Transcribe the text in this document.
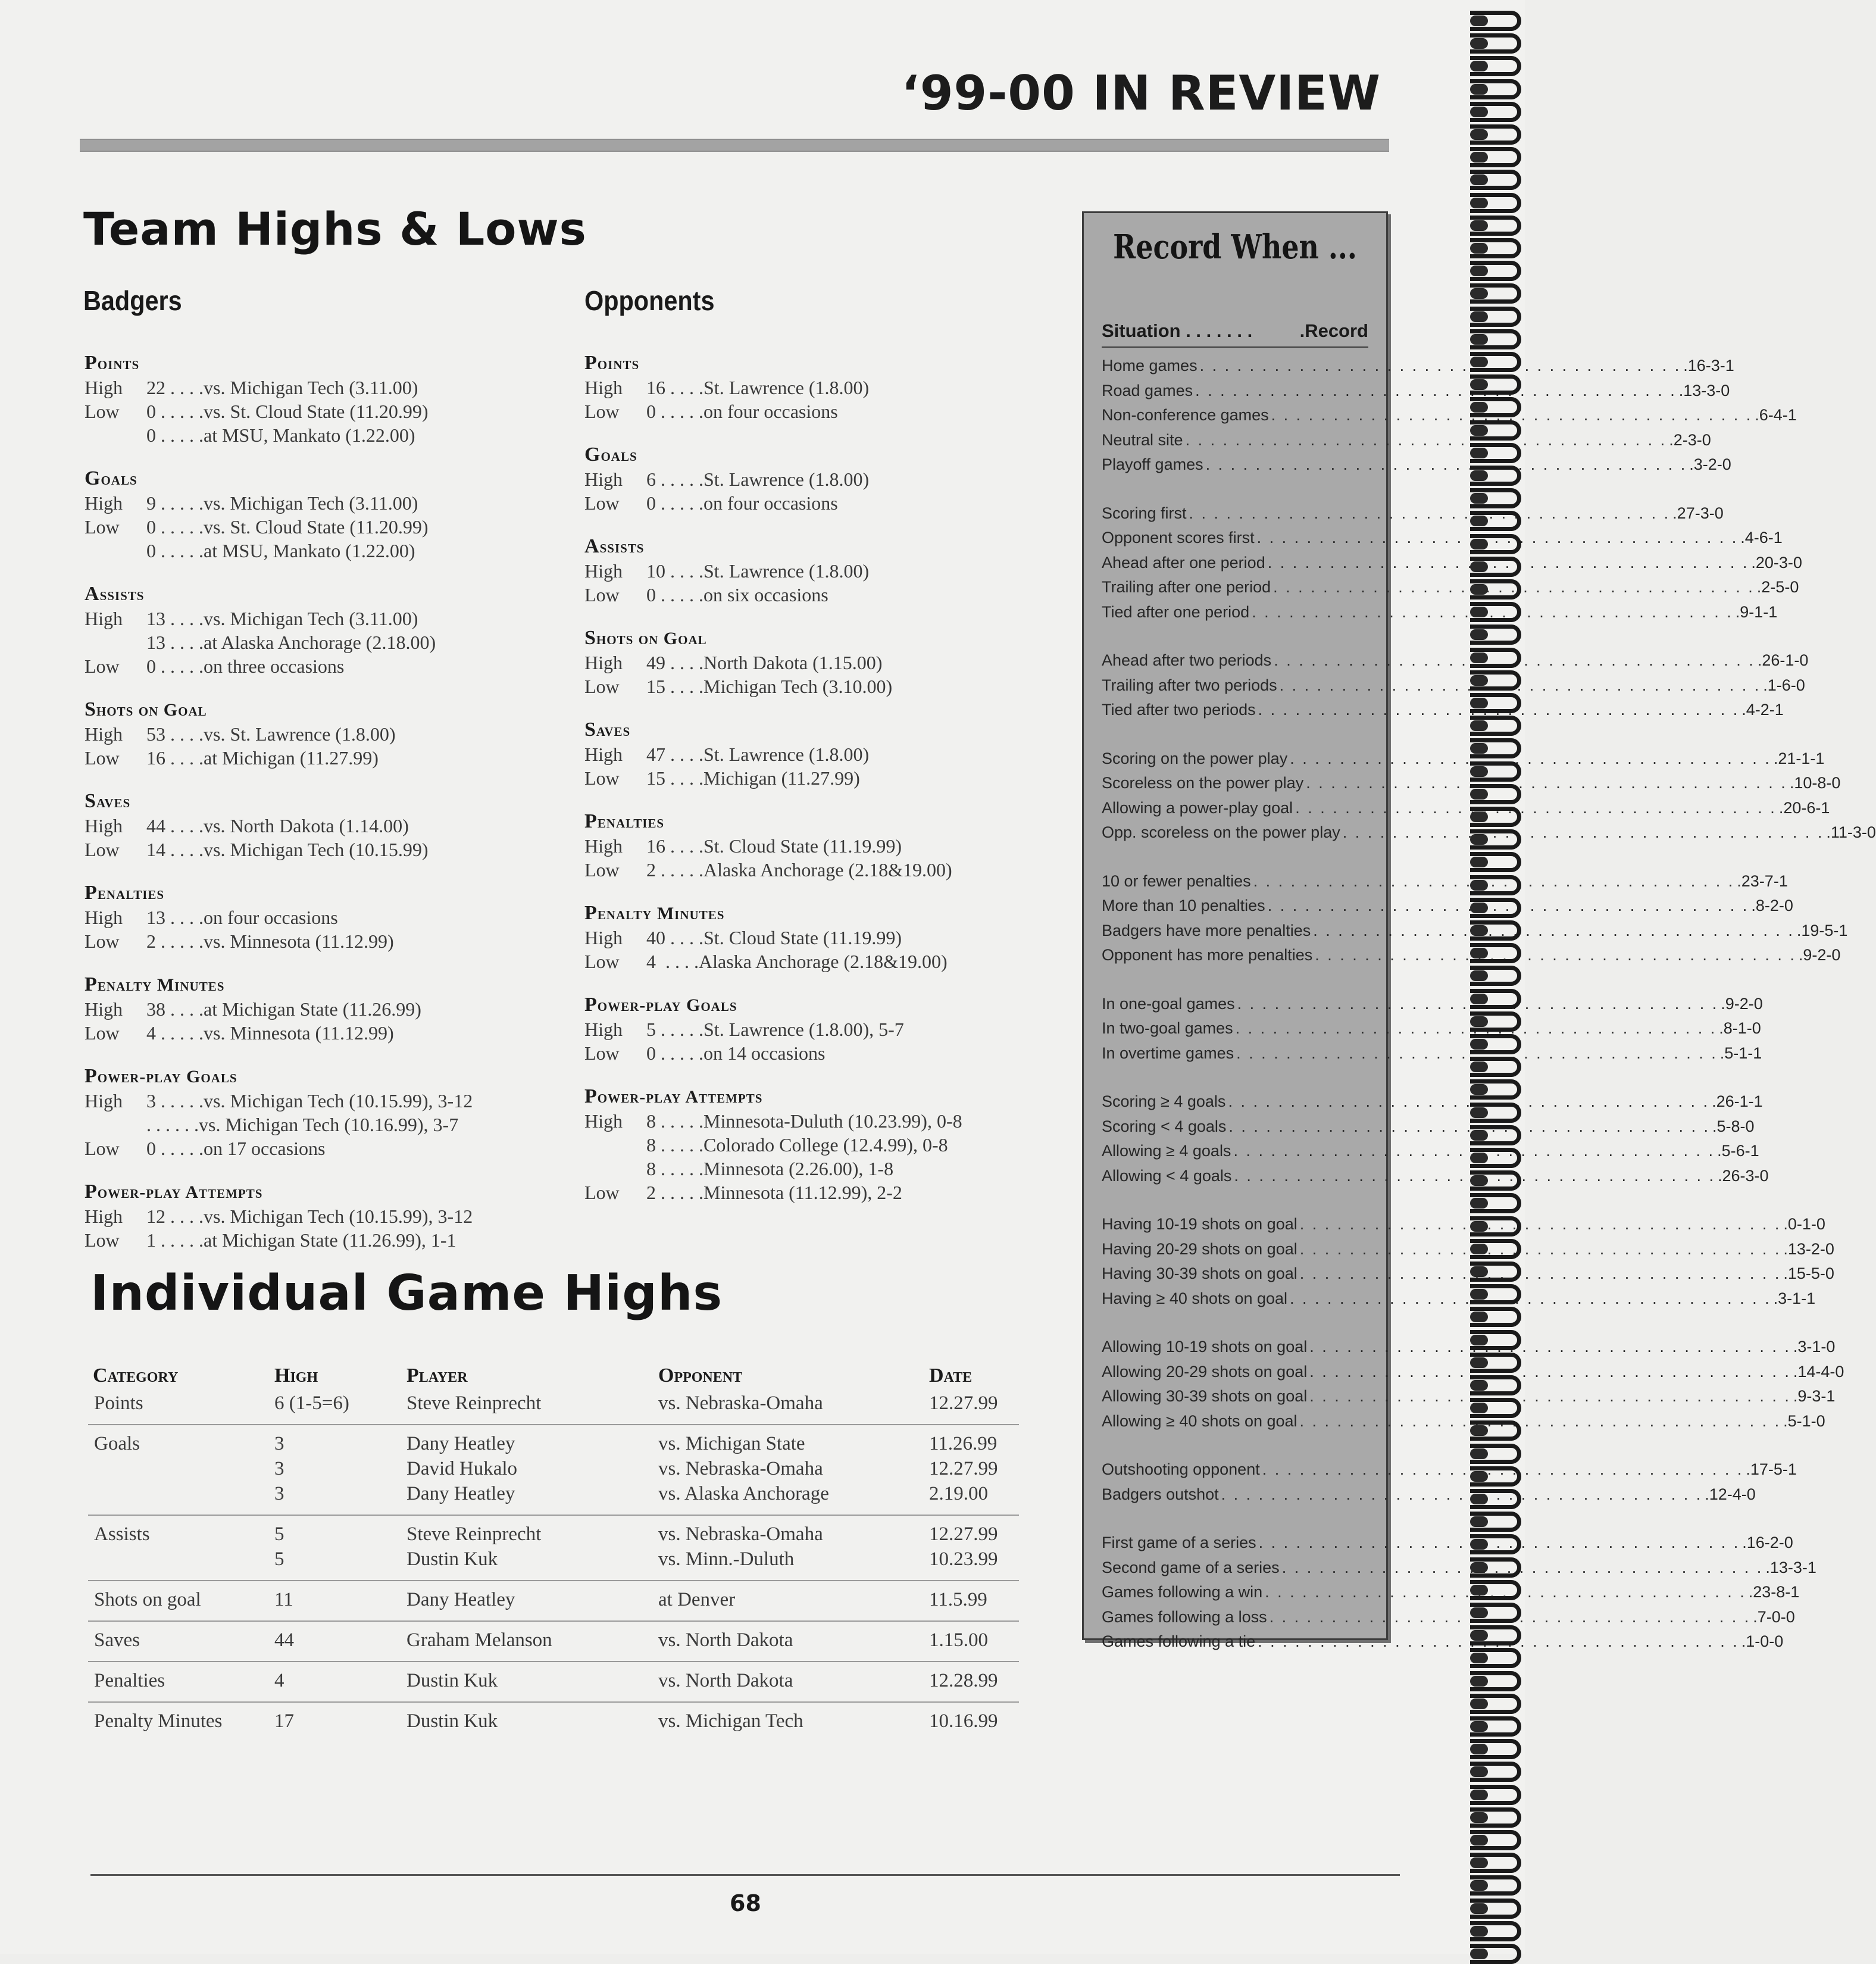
‘99-00 IN REVIEW
Team Highs & Lows
Badgers	Opponents
Points
High	22 . . . .vs. Michigan Tech (3.11.00)
Low	0 . . . . .vs. St. Cloud State (11.20.99)
0 . . . . .at MSU, Mankato (1.22.00)
Goals
High	9 . . . . .vs. Michigan Tech (3.11.00)
Low	0 . . . . .vs. St. Cloud State (11.20.99)
0 . . . . .at MSU, Mankato (1.22.00)
Assists
High	13 . . . .vs. Michigan Tech (3.11.00)
13 . . . .at Alaska Anchorage (2.18.00)
Low	0 . . . . .on three occasions
Shots on Goal
High	53 . . . .vs. St. Lawrence (1.8.00)
Low	16 . . . .at Michigan (11.27.99)
Saves
High	44 . . . .vs. North Dakota (1.14.00)
Low	14 . . . .vs. Michigan Tech (10.15.99)
Penalties
High	13 . . . .on four occasions
Low	2 . . . . .vs. Minnesota (11.12.99)
Penalty Minutes
High	38 . . . .at Michigan State (11.26.99)
Low	4 . . . . .vs. Minnesota (11.12.99)
Power-play Goals
High	3 . . . . .vs. Michigan Tech (10.15.99), 3-12
. . . . . .vs. Michigan Tech (10.16.99), 3-7
Low	0 . . . . .on 17 occasions
Power-play Attempts
High	12 . . . .vs. Michigan Tech (10.15.99), 3-12
Low	1 . . . . .at Michigan State (11.26.99), 1-1
Points
High	16 . . . .St. Lawrence (1.8.00)
Low	0 . . . . .on four occasions
Goals
High	6 . . . . .St. Lawrence (1.8.00)
Low	0 . . . . .on four occasions
Assists
High	10 . . . .St. Lawrence (1.8.00)
Low	0 . . . . .on six occasions
Shots on Goal
High	49 . . . .North Dakota (1.15.00)
Low	15 . . . .Michigan Tech (3.10.00)
Saves
High	47 . . . .St. Lawrence (1.8.00)
Low	15 . . . .Michigan (11.27.99)
Penalties
High	16 . . . .St. Cloud State (11.19.99)
Low	2 . . . . .Alaska Anchorage (2.18&19.00)
Penalty Minutes
High	40 . . . .St. Cloud State (11.19.99)
Low	4  . . . .Alaska Anchorage (2.18&19.00)
Power-play Goals
High	5 . . . . .St. Lawrence (1.8.00), 5-7
Low	0 . . . . .on 14 occasions
Power-play Attempts
High	8 . . . . .Minnesota-Duluth (10.23.99), 0-8
8 . . . . .Colorado College (12.4.99), 0-8
8 . . . . .Minnesota (2.26.00), 1-8
Low	2 . . . . .Minnesota (11.12.99), 2-2
Individual Game Highs
Category	High	Player	Opponent	Date
Points	6 (1-5=6)	Steve Reinprecht	vs. Nebraska-Omaha	12.27.99
Goals	3	Dany Heatley	vs. Michigan State	11.26.99
3	David Hukalo	vs. Nebraska-Omaha	12.27.99
3	Dany Heatley	vs. Alaska Anchorage	2.19.00
Assists	5	Steve Reinprecht	vs. Nebraska-Omaha	12.27.99
5	Dustin Kuk	vs. Minn.-Duluth	10.23.99
Shots on goal	11	Dany Heatley	at Denver	11.5.99
Saves	44	Graham Melanson	vs. North Dakota	1.15.00
Penalties	4	Dustin Kuk	vs. North Dakota	12.28.99
Penalty Minutes	17	Dustin Kuk	vs. Michigan Tech	10.16.99
Record When ...
Situation . . . . . . .	.Record
Home games . . .	.16-3-1
Road games . . .	.13-3-0
Non-conference games . . .	.6-4-1
Neutral site . . .	.2-3-0
Playoff games . . .	.3-2-0
Scoring first . . .	.27-3-0
Opponent scores first . . .	.4-6-1
Ahead after one period . . .	.20-3-0
Trailing after one period . . .	.2-5-0
Tied after one period . . .	.9-1-1
Ahead after two periods . . .	.26-1-0
Trailing after two periods . . .	.1-6-0
Tied after two periods . . .	.4-2-1
Scoring on the power play . . .	.21-1-1
Scoreless on the power play . . .	.10-8-0
Allowing a power-play goal . . .	.20-6-1
Opp. scoreless on the power play . . .	.11-3-0
10 or fewer penalties . . .	.23-7-1
More than 10 penalties . . .	.8-2-0
Badgers have more penalties . . .	.19-5-1
Opponent has more penalties . . .	.9-2-0
In one-goal games . . .	.9-2-0
In two-goal games . . .	.8-1-0
In overtime games . . .	.5-1-1
Scoring ≥ 4 goals . . .	.26-1-1
Scoring < 4 goals . . .	.5-8-0
Allowing ≥ 4 goals . . .	.5-6-1
Allowing < 4 goals . . .	.26-3-0
Having 10-19 shots on goal . . .	.0-1-0
Having 20-29 shots on goal . . .	.13-2-0
Having 30-39 shots on goal . . .	.15-5-0
Having ≥ 40 shots on goal . . .	.3-1-1
Allowing 10-19 shots on goal . . .	.3-1-0
Allowing 20-29 shots on goal . . .	.14-4-0
Allowing 30-39 shots on goal . . .	.9-3-1
Allowing ≥ 40 shots on goal . . .	.5-1-0
Outshooting opponent . . .	.17-5-1
Badgers outshot . . .	.12-4-0
First game of a series . . .	.16-2-0
Second game of a series . . .	.13-3-1
Games following a win . . .	.23-8-1
Games following a loss . . .	.7-0-0
Games following a tie . . .	.1-0-0
68
